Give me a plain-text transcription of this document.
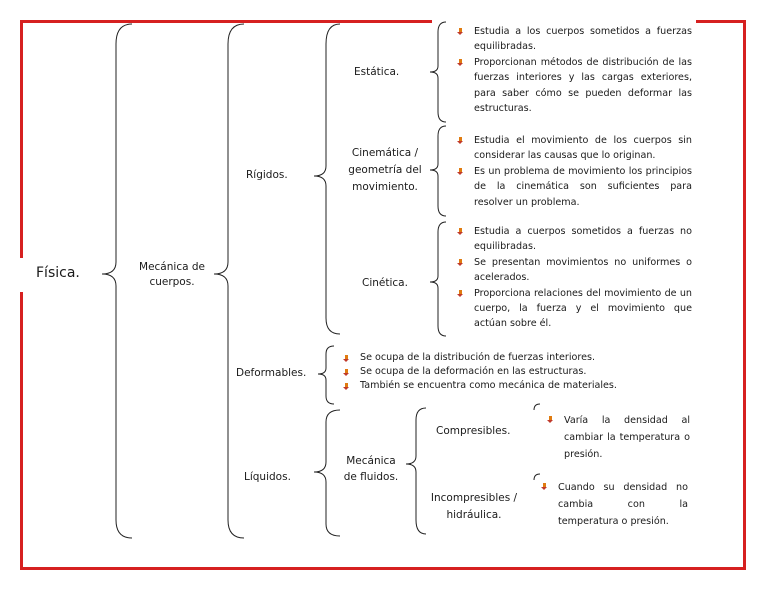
Física.	Mecánica de cuerpos.
Rígidos.
Deformables.
Líquidos.
Estática.
Cinemática / geometría del movimiento.
Cinética.
Mecánica de fluidos.
Compresibles.
Incompresibles / hidráulica.
Estudia a los cuerpos sometidos a fuerzas equilibradas.
Proporcionan métodos de distribución de las fuerzas interiores y las cargas exteriores, para saber cómo se pueden deformar las estructuras.
Estudia el movimiento de los cuerpos sin considerar las causas que lo originan.
Es un problema de movimiento los principios de la cinemática son suficientes para resolver un problema.
Estudia a cuerpos sometidos a fuerzas no equilibradas.
Se presentan movimientos no uniformes o acelerados.
Proporciona relaciones del movimiento de un cuerpo, la fuerza y el movimiento que actúan sobre él.
Se ocupa de la distribución de fuerzas interiores.
Se ocupa de la deformación en las estructuras.
También se encuentra como mecánica de materiales.
Varía la densidad al cambiar la temperatura o presión.
Cuando su densidad no cambia con la temperatura o presión.
